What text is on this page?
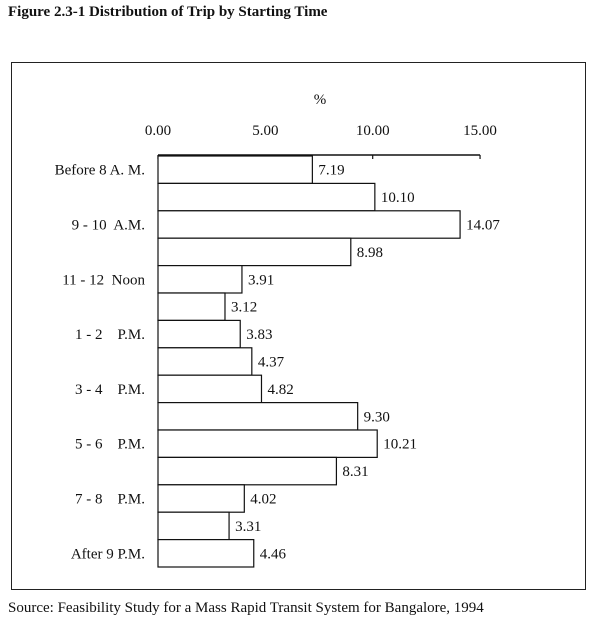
Figure 2.3-1 Distribution of Trip by Starting Time
%
0.00	5.00	10.00	15.00
7.19
Before 8 A. M.
10.10
14.07
9 - 10  A.M.
8.98
3.91
11 - 12  Noon
3.12
3.83
1 - 2    P.M.
4.37
4.82
3 - 4    P.M.
9.30
10.21
5 - 6    P.M.
8.31
4.02
7 - 8    P.M.
3.31
4.46
After 9 P.M.
Source: Feasibility Study for a Mass Rapid Transit System for Bangalore, 1994
